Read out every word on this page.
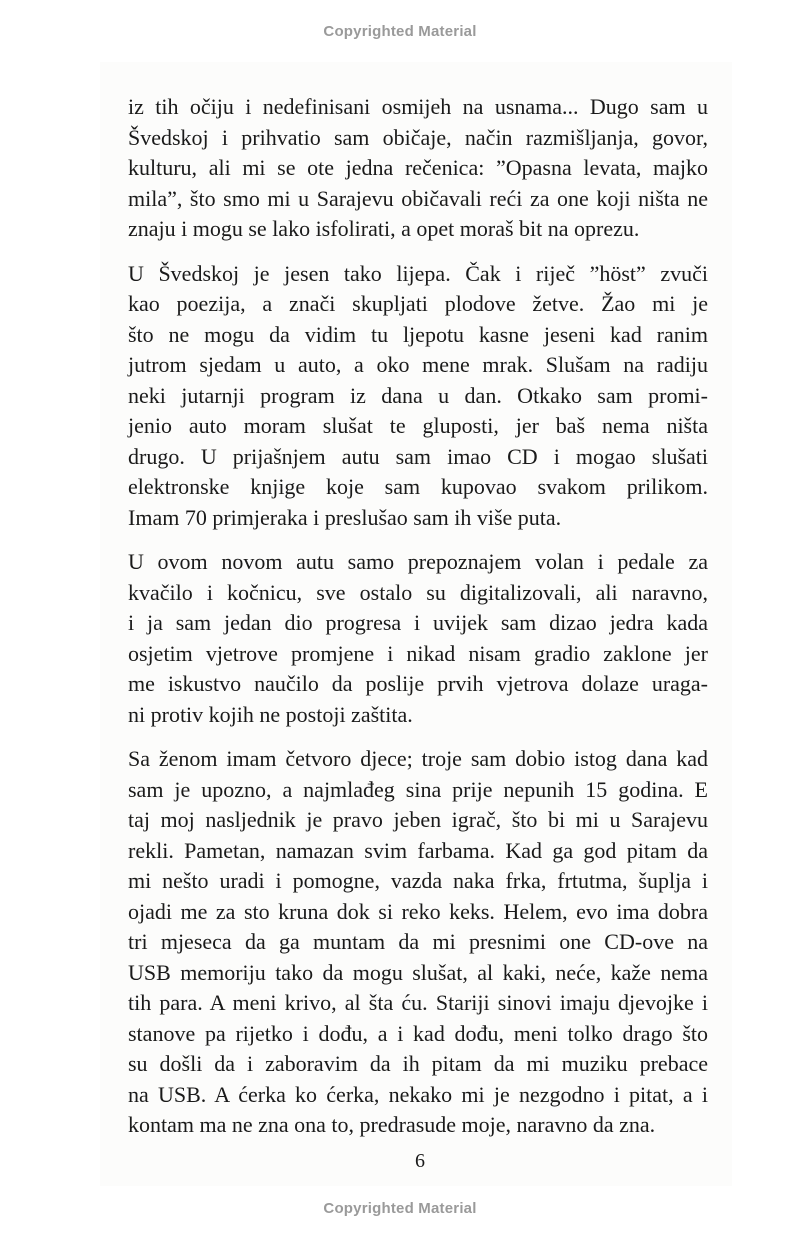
Copyrighted Material
iz tih očiju i nedefinisani osmijeh na usnama... Dugo sam u
Švedskoj i prihvatio sam običaje, način razmišljanja, govor,
kulturu, ali mi se ote jedna rečenica: ”Opasna levata, majko
mila”, što smo mi u Sarajevu običavali reći za one koji ništa ne
znaju i mogu se lako isfolirati, a opet moraš bit na oprezu.
U Švedskoj je jesen tako lijepa. Čak i riječ ”höst” zvuči
kao poezija, a znači skupljati plodove žetve. Žao mi je
što ne mogu da vidim tu ljepotu kasne jeseni kad ranim
jutrom sjedam u auto, a oko mene mrak. Slušam na radiju
neki jutarnji program iz dana u dan. Otkako sam promi-
jenio auto moram slušat te gluposti, jer baš nema ništa
drugo. U prijašnjem autu sam imao CD i mogao slušati
elektronske knjige koje sam kupovao svakom prilikom.
Imam 70 primjeraka i preslušao sam ih više puta.
U ovom novom autu samo prepoznajem volan i pedale za
kvačilo i kočnicu, sve ostalo su digitalizovali, ali naravno,
i ja sam jedan dio progresa i uvijek sam dizao jedra kada
osjetim vjetrove promjene i nikad nisam gradio zaklone jer
me iskustvo naučilo da poslije prvih vjetrova dolaze uraga-
ni protiv kojih ne postoji zaštita.
Sa ženom imam četvoro djece; troje sam dobio istog dana kad
sam je upozno, a najmlađeg sina prije nepunih 15 godina. E
taj moj nasljednik je pravo jeben igrač, što bi mi u Sarajevu
rekli. Pametan, namazan svim farbama. Kad ga god pitam da
mi nešto uradi i pomogne, vazda naka frka, frtutma, šuplja i
ojadi me za sto kruna dok si reko keks. Helem, evo ima dobra
tri mjeseca da ga muntam da mi presnimi one CD-ove na
USB memoriju tako da mogu slušat, al kaki, neće, kaže nema
tih para. A meni krivo, al šta ću. Stariji sinovi imaju djevojke i
stanove pa rijetko i dođu, a i kad dođu, meni tolko drago što
su došli da i zaboravim da ih pitam da mi muziku prebace
na USB. A ćerka ko ćerka, nekako mi je nezgodno i pitat, a i
kontam ma ne zna ona to, predrasude moje, naravno da zna.
6
Copyrighted Material
